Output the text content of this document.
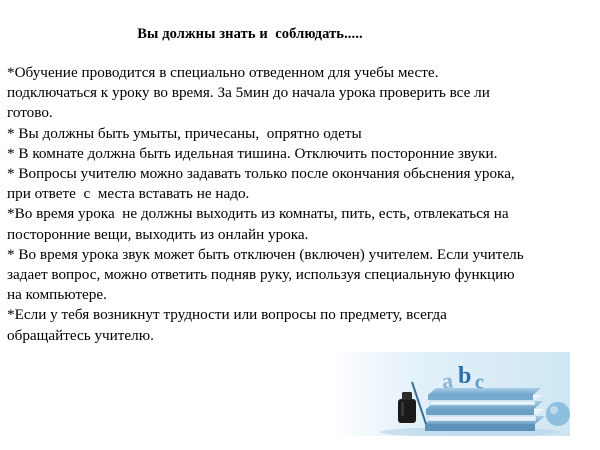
Вы должны знать и  соблюдать.....
*Обучение проводится в специально отведенном для учебы месте.
подключаться к уроку во время. За 5мин до начала урока проверить все ли
готово.
* Вы должны быть умыты, причесаны,  опрятно одеты
* В комнате должна быть идельная тишина. Отключить посторонние звуки.
* Вопросы учителю можно задавать только после окончания обьснения урока,
при ответе  с  места вставать не надо.
*Во время урока  не должны выходить из комнаты, пить, есть, отвлекаться на
посторонние вещи, выходить из онлайн урока.
* Во время урока звук может быть отключен (включен) учителем. Если учитель
задает вопрос, можно ответить подняв руку, используя специальную функцию
на компьютере.
*Если у тебя возникнут трудности или вопросы по предмету, всегда
обращайтесь учителю.
a b c
